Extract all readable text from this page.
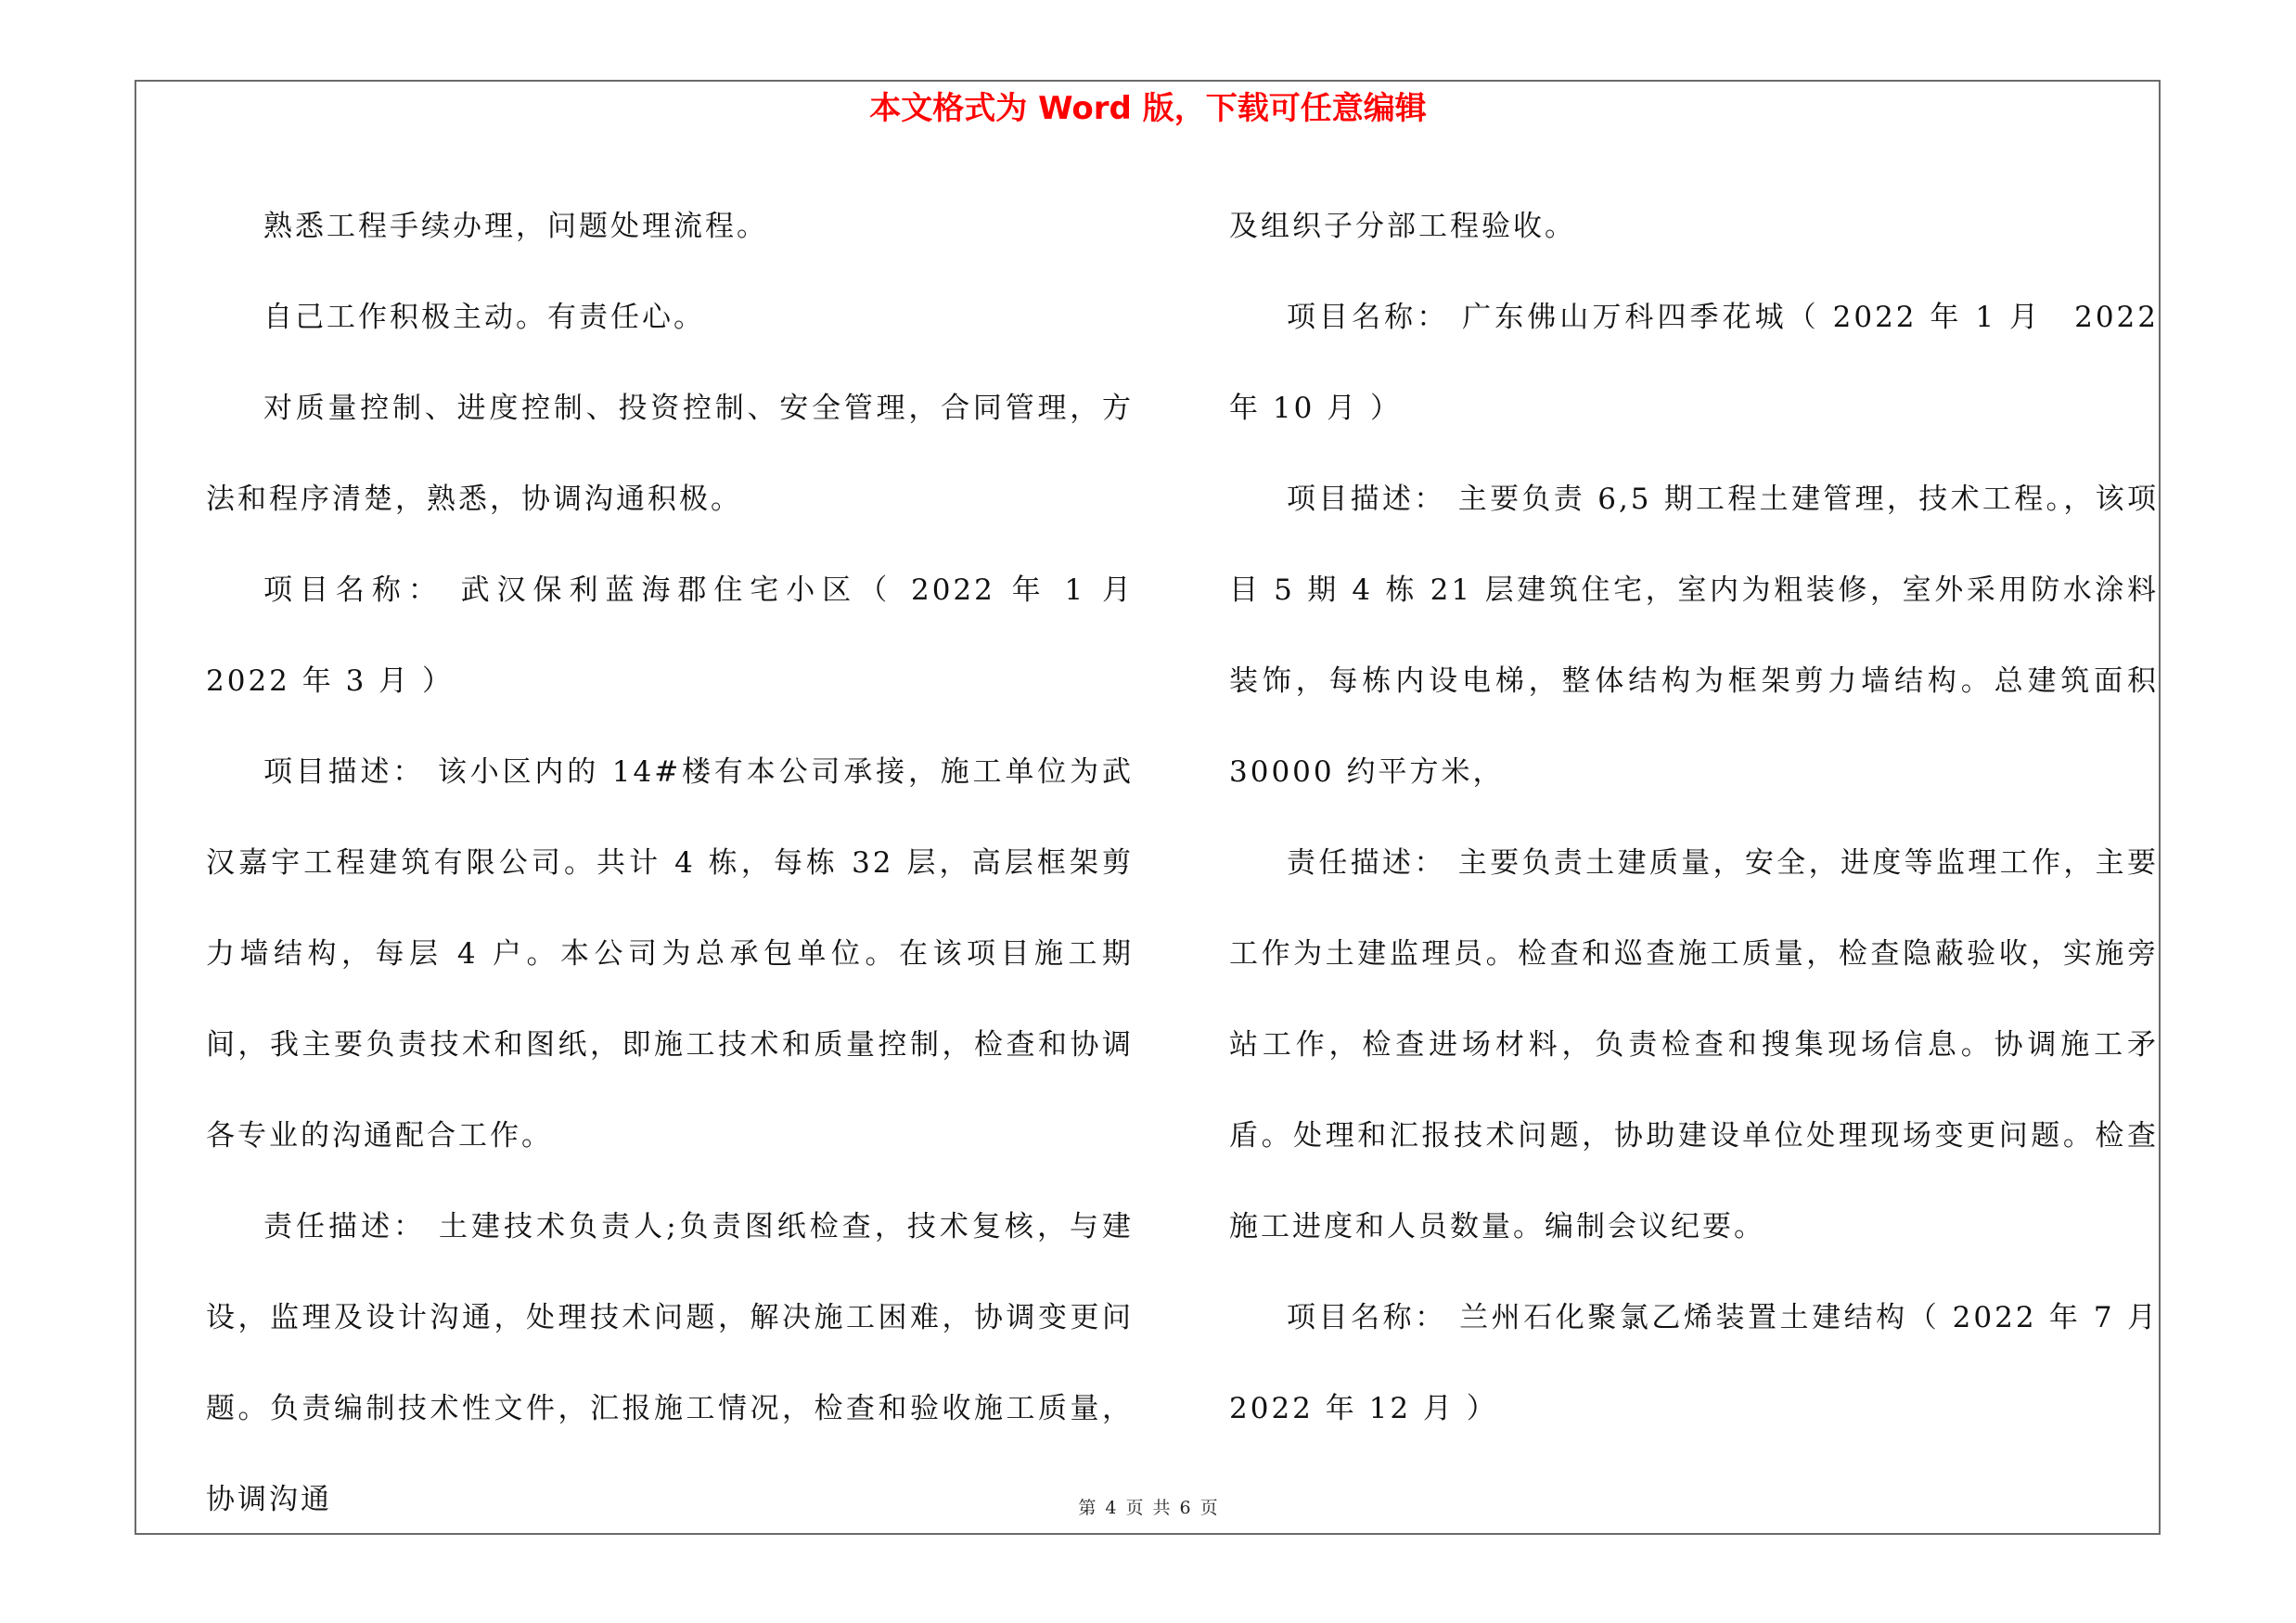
本文格式为 Word 版，下载可任意编辑

熟悉工程手续办理，问题处理流程。

自己工作积极主动。有责任心。

对质量控制、进度控制、投资控制、安全管理，合同管理，方法和程序清楚，熟悉，协调沟通积极。

项目名称： 武汉保利蓝海郡住宅小区（ 2022 年 1 月　2022 年 3 月 ）

项目描述： 该小区内的 14#楼有本公司承接，施工单位为武汉嘉宇工程建筑有限公司。共计 4 栋，每栋 32 层，高层框架剪力墙结构，每层 4 户。本公司为总承包单位。在该项目施工期间，我主要负责技术和图纸，即施工技术和质量控制，检查和协调各专业的沟通配合工作。

责任描述： 土建技术负责人;负责图纸检查，技术复核，与建设，监理及设计沟通，处理技术问题，解决施工困难，协调变更问题。负责编制技术性文件，汇报施工情况，检查和验收施工质量，协调沟通

及组织子分部工程验收。

项目名称： 广东佛山万科四季花城（ 2022 年 1 月　2022 年 10 月 ）

项目描述： 主要负责 6,5 期工程土建管理，技术工程。，该项目 5 期 4 栋 21 层建筑住宅，室内为粗装修，室外采用防水涂料装饰，每栋内设电梯，整体结构为框架剪力墙结构。总建筑面积 30000 约平方米，

责任描述： 主要负责土建质量，安全，进度等监理工作，主要工作为土建监理员。检查和巡查施工质量，检查隐蔽验收，实施旁站工作，检查进场材料，负责检查和搜集现场信息。协调施工矛盾。处理和汇报技术问题，协助建设单位处理现场变更问题。检查施工进度和人员数量。编制会议纪要。

项目名称： 兰州石化聚氯乙烯装置土建结构（ 2022 年 7 月　2022 年 12 月 ）

第 4 页 共 6 页
